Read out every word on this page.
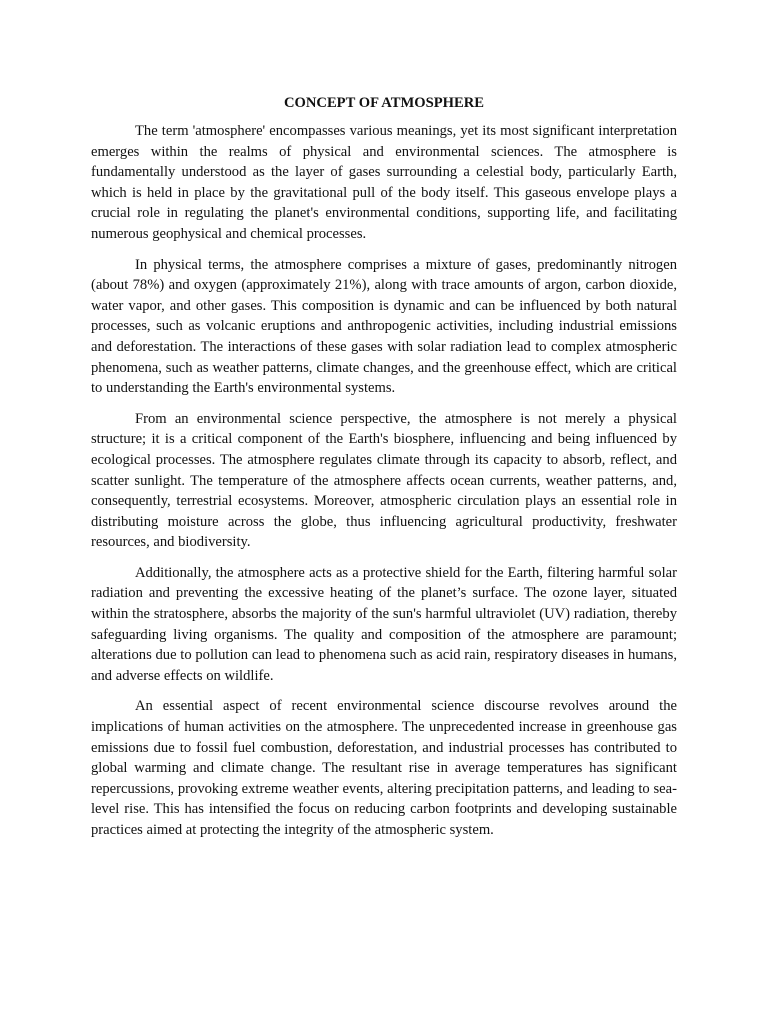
CONCEPT OF ATMOSPHERE

The term 'atmosphere' encompasses various meanings, yet its most significant interpretation emerges within the realms of physical and environmental sciences. The atmosphere is fundamentally understood as the layer of gases surrounding a celestial body, particularly Earth, which is held in place by the gravitational pull of the body itself. This gaseous envelope plays a crucial role in regulating the planet's environmental conditions, supporting life, and facilitating numerous geophysical and chemical processes.

In physical terms, the atmosphere comprises a mixture of gases, predominantly nitrogen (about 78%) and oxygen (approximately 21%), along with trace amounts of argon, carbon dioxide, water vapor, and other gases. This composition is dynamic and can be influenced by both natural processes, such as volcanic eruptions and anthropogenic activities, including industrial emissions and deforestation. The interactions of these gases with solar radiation lead to complex atmospheric phenomena, such as weather patterns, climate changes, and the greenhouse effect, which are critical to understanding the Earth's environmental systems.

From an environmental science perspective, the atmosphere is not merely a physical structure; it is a critical component of the Earth's biosphere, influencing and being influenced by ecological processes. The atmosphere regulates climate through its capacity to absorb, reflect, and scatter sunlight. The temperature of the atmosphere affects ocean currents, weather patterns, and, consequently, terrestrial ecosystems. Moreover, atmospheric circulation plays an essential role in distributing moisture across the globe, thus influencing agricultural productivity, freshwater resources, and biodiversity.

Additionally, the atmosphere acts as a protective shield for the Earth, filtering harmful solar radiation and preventing the excessive heating of the planet’s surface. The ozone layer, situated within the stratosphere, absorbs the majority of the sun's harmful ultraviolet (UV) radiation, thereby safeguarding living organisms. The quality and composition of the atmosphere are paramount; alterations due to pollution can lead to phenomena such as acid rain, respiratory diseases in humans, and adverse effects on wildlife.

An essential aspect of recent environmental science discourse revolves around the implications of human activities on the atmosphere. The unprecedented increase in greenhouse gas emissions due to fossil fuel combustion, deforestation, and industrial processes has contributed to global warming and climate change. The resultant rise in average temperatures has significant repercussions, provoking extreme weather events, altering precipitation patterns, and leading to sea-level rise. This has intensified the focus on reducing carbon footprints and developing sustainable practices aimed at protecting the integrity of the atmospheric system.
